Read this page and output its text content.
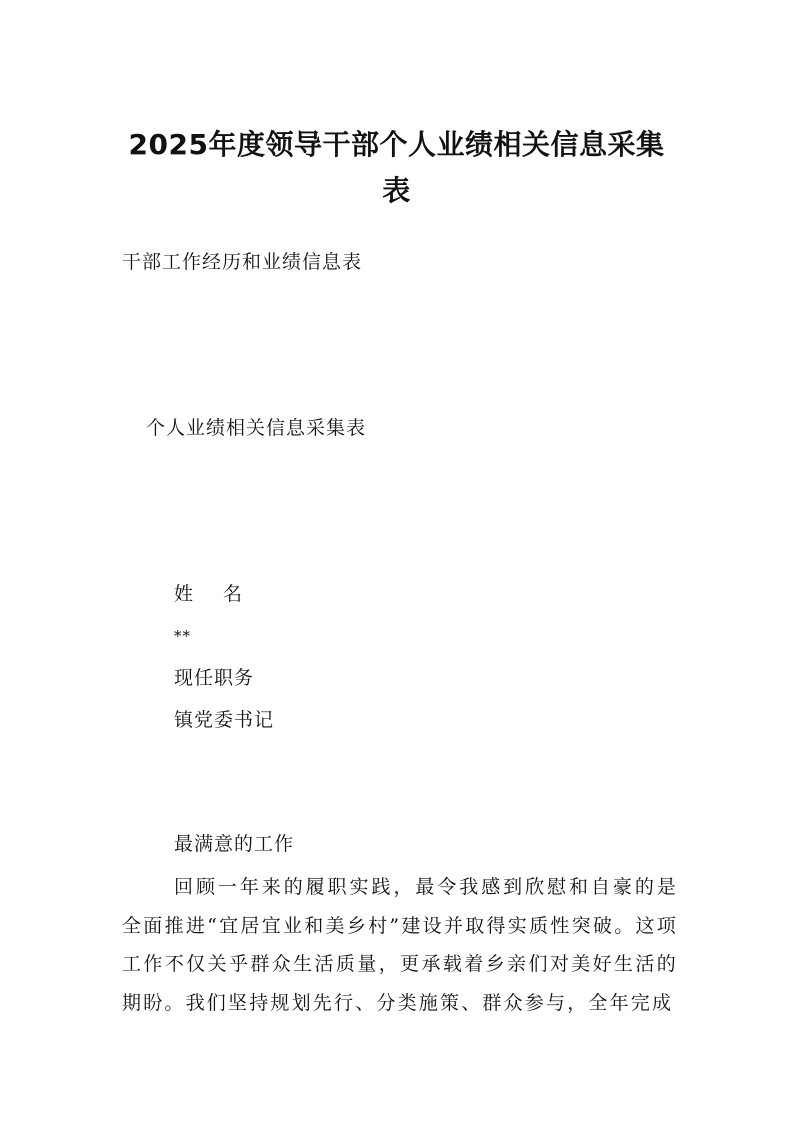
2025年度领导干部个人业绩相关信息采集表
干部工作经历和业绩信息表
个人业绩相关信息采集表
姓 名
**
现任职务
镇党委书记
最满意的工作
回顾一年来的履职实践，最令我感到欣慰和自豪的是全面推进“宜居宜业和美乡村”建设并取得实质性突破。这项工作不仅关乎群众生活质量，更承载着乡亲们对美好生活的期盼。我们坚持规划先行、分类施策、群众参与，全年完成
